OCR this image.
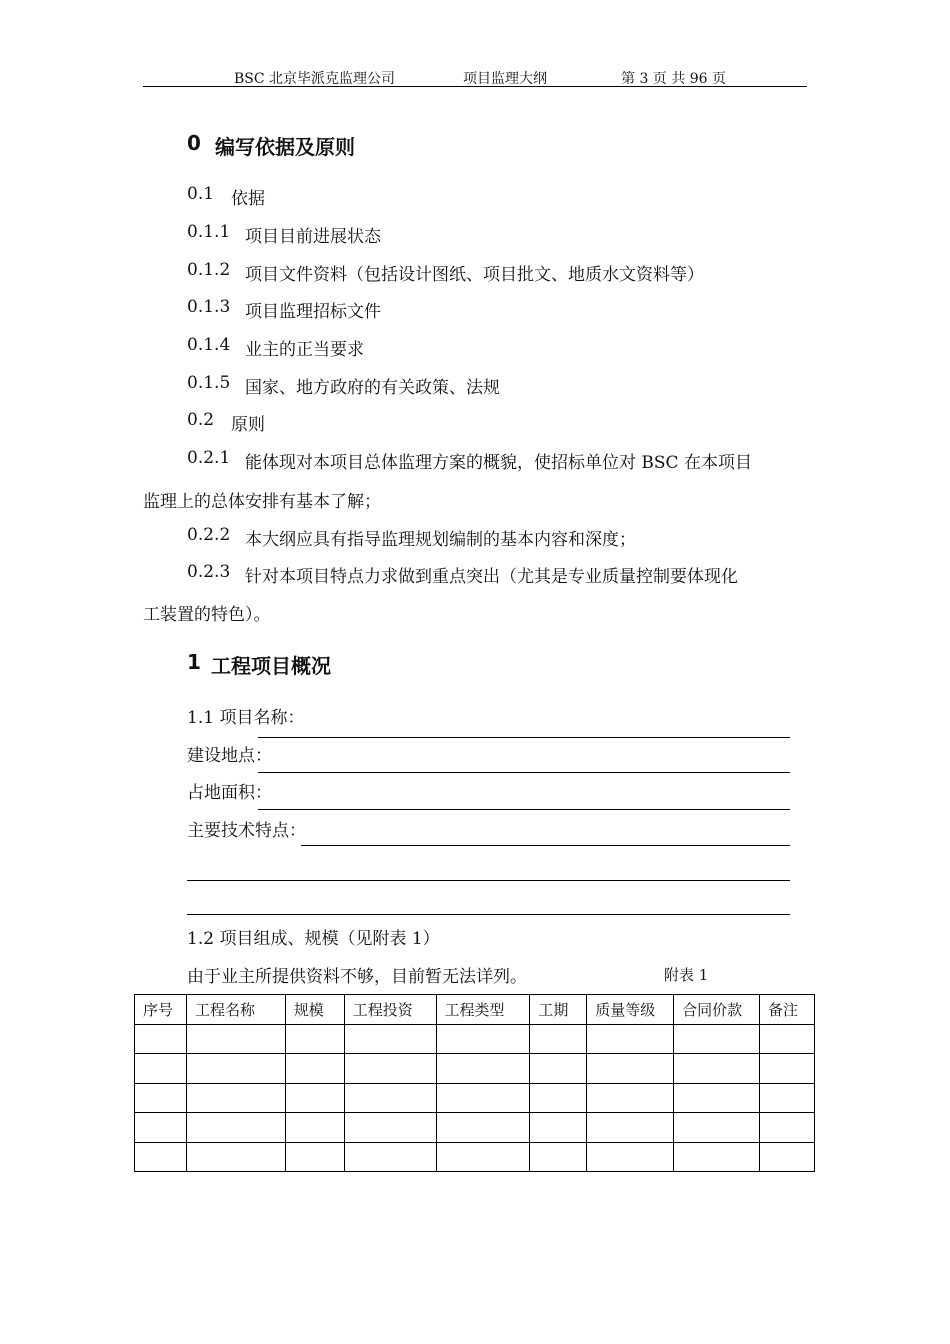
BSC 北京毕派克监理公司	项目监理大纲	第 3 页 共 96 页
0 编写依据及原则
0.1 依据
0.1.1 项目目前进展状态
0.1.2 项目文件资料（包括设计图纸、项目批文、地质水文资料等）
0.1.3 项目监理招标文件
0.1.4 业主的正当要求
0.1.5 国家、地方政府的有关政策、法规
0.2 原则
0.2.1 能体现对本项目总体监理方案的概貌，使招标单位对 BSC 在本项目
监理上的总体安排有基本了解；
0.2.2 本大纲应具有指导监理规划编制的基本内容和深度；
0.2.3 针对本项目特点力求做到重点突出（尤其是专业质量控制要体现化
工装置的特色）。
1 工程项目概况
1.1 项目名称：
建设地点：
占地面积：
主要技术特点：
1.2 项目组成、规模（见附表 1）
由于业主所提供资料不够，目前暂无法详列。	附表 1
序号	工程名称	规模	工程投资	工程类型	工期	质量等级	合同价款	备注
